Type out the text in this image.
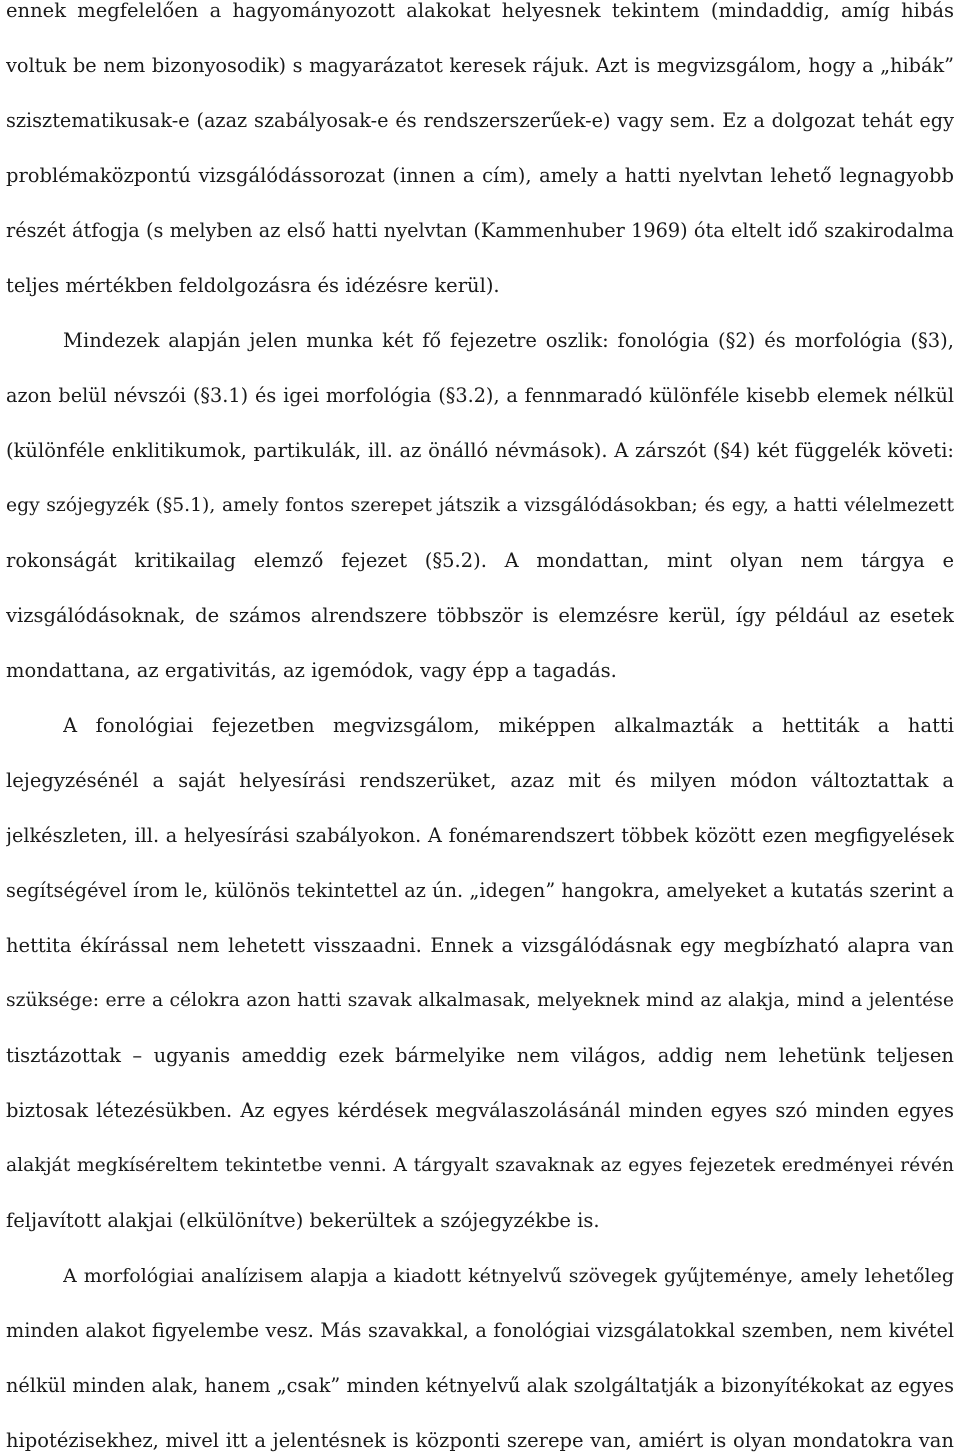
ennek megfelelően a hagyományozott alakokat helyesnek tekintem (mindaddig, amíg hibás
voltuk be nem bizonyosodik) s magyarázatot keresek rájuk. Azt is megvizsgálom, hogy a „hibák”
szisztematikusak-e (azaz szabályosak-e és rendszerszerűek-e) vagy sem. Ez a dolgozat tehát egy
problémaközpontú vizsgálódássorozat (innen a cím), amely a hatti nyelvtan lehető legnagyobb
részét átfogja (s melyben az első hatti nyelvtan (Kammenhuber 1969) óta eltelt idő szakirodalma
teljes mértékben feldolgozásra és idézésre kerül).
Mindezek alapján jelen munka két fő fejezetre oszlik: fonológia (§2) és morfológia (§3),
azon belül névszói (§3.1) és igei morfológia (§3.2), a fennmaradó különféle kisebb elemek nélkül
(különféle enklitikumok, partikulák, ill. az önálló névmások). A zárszót (§4) két függelék követi:
egy szójegyzék (§5.1), amely fontos szerepet játszik a vizsgálódásokban; és egy, a hatti vélelmezett
rokonságát kritikailag elemző fejezet (§5.2). A mondattan, mint olyan nem tárgya e
vizsgálódásoknak, de számos alrendszere többször is elemzésre kerül, így például az esetek
mondattana, az ergativitás, az igemódok, vagy épp a tagadás.
A fonológiai fejezetben megvizsgálom, miképpen alkalmazták a hettiták a hatti
lejegyzésénél a saját helyesírási rendszerüket, azaz mit és milyen módon változtattak a
jelkészleten, ill. a helyesírási szabályokon. A fonémarendszert többek között ezen megfigyelések
segítségével írom le, különös tekintettel az ún. „idegen” hangokra, amelyeket a kutatás szerint a
hettita ékírással nem lehetett visszaadni. Ennek a vizsgálódásnak egy megbízható alapra van
szüksége: erre a célokra azon hatti szavak alkalmasak, melyeknek mind az alakja, mind a jelentése
tisztázottak – ugyanis ameddig ezek bármelyike nem világos, addig nem lehetünk teljesen
biztosak létezésükben. Az egyes kérdések megválaszolásánál minden egyes szó minden egyes
alakját megkíséreltem tekintetbe venni. A tárgyalt szavaknak az egyes fejezetek eredményei révén
feljavított alakjai (elkülönítve) bekerültek a szójegyzékbe is.
A morfológiai analízisem alapja a kiadott kétnyelvű szövegek gyűjteménye, amely lehetőleg
minden alakot figyelembe vesz. Más szavakkal, a fonológiai vizsgálatokkal szemben, nem kivétel
nélkül minden alak, hanem „csak” minden kétnyelvű alak szolgáltatják a bizonyítékokat az egyes
hipotézisekhez, mivel itt a jelentésnek is központi szerepe van, amiért is olyan mondatokra van
